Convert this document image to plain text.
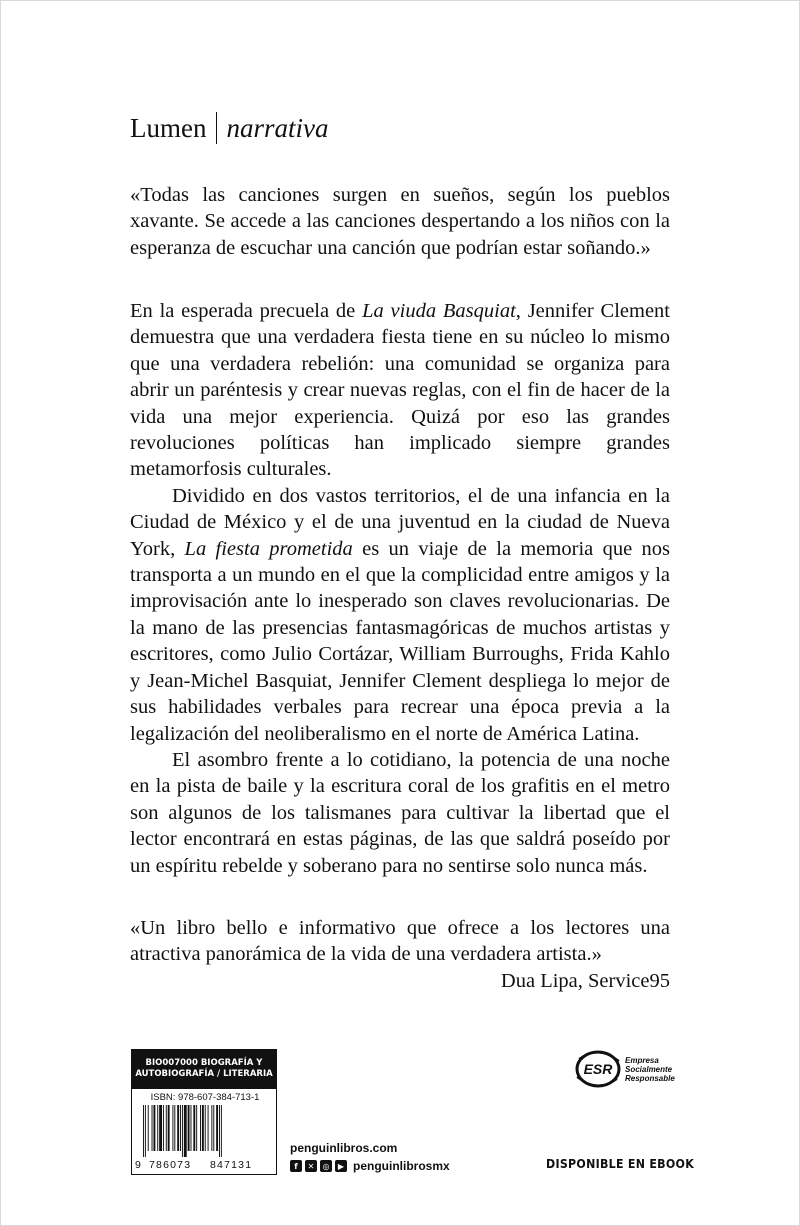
Lumen narrativa

«Todas las canciones surgen en sueños, según los pueblos xavante. Se accede a las canciones despertando a los niños con la esperanza de escuchar una canción que podrían estar soñando.»

En la esperada precuela de La viuda Basquiat, Jennifer Clement demuestra que una verdadera fiesta tiene en su núcleo lo mismo que una verdadera rebelión: una comunidad se organiza para abrir un paréntesis y crear nuevas reglas, con el fin de hacer de la vida una mejor experiencia. Quizá por eso las grandes revoluciones políticas han implicado siempre grandes metamorfosis culturales.

Dividido en dos vastos territorios, el de una infancia en la Ciudad de México y el de una juventud en la ciudad de Nueva York, La fiesta prometida es un viaje de la memoria que nos transporta a un mundo en el que la complicidad entre amigos y la improvisación ante lo inesperado son claves revolucionarias. De la mano de las presencias fantasmagóricas de muchos artistas y escritores, como Julio Cortázar, William Burroughs, Frida Kahlo y Jean-Michel Basquiat, Jennifer Clement despliega lo mejor de sus habilidades verbales para recrear una época previa a la legalización del neoliberalismo en el norte de América Latina.

El asombro frente a lo cotidiano, la potencia de una noche en la pista de baile y la escritura coral de los grafitis en el metro son algunos de los talismanes para cultivar la libertad que el lector encontrará en estas páginas, de las que saldrá poseído por un espíritu rebelde y soberano para no sentirse solo nunca más.

«Un libro bello e informativo que ofrece a los lectores una atractiva panorámica de la vida de una verdadera artista.»

Dua Lipa, Service95
BIO007000 BIOGRAFÍA Y
AUTOBIOGRAFÍA / LITERARIA
ISBN: 978-607-384-713-1
9 786073 847131
penguinlibros.com
f	✕	◎	▶ penguinlibrosmx
ESR
Empresa
Socialmente
Responsable
DISPONIBLE EN EBOOK
